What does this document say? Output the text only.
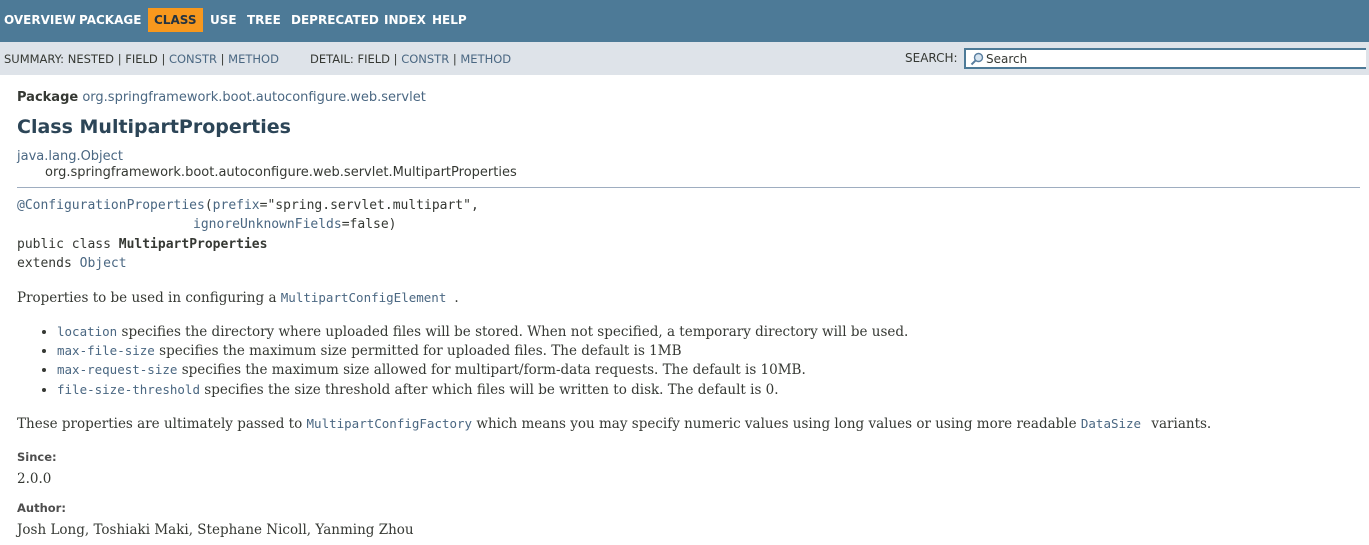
OVERVIEW PACKAGE	CLASS	USE TREE DEPRECATED INDEX HELP
SUMMARY: NESTED | FIELD | CONSTR | METHOD	DETAIL: FIELD | CONSTR | METHOD	SEARCH:
Search
Package org.springframework.boot.autoconfigure.web.servlet
Class MultipartProperties
java.lang.Object
org.springframework.boot.autoconfigure.web.servlet.MultipartProperties
@ConfigurationProperties(prefix="spring.servlet.multipart",
ignoreUnknownFields=false)
public class MultipartProperties
extends Object
Properties to be used in configuring a MultipartConfigElement .
location specifies the directory where uploaded files will be stored. When not specified, a temporary directory will be used.
max-file-size specifies the maximum size permitted for uploaded files. The default is 1MB
max-request-size specifies the maximum size allowed for multipart/form-data requests. The default is 10MB.
file-size-threshold specifies the size threshold after which files will be written to disk. The default is 0.
These properties are ultimately passed to MultipartConfigFactory which means you may specify numeric values using long values or using more readable DataSize variants.
Since:
2.0.0
Author:
Josh Long, Toshiaki Maki, Stephane Nicoll, Yanming Zhou
